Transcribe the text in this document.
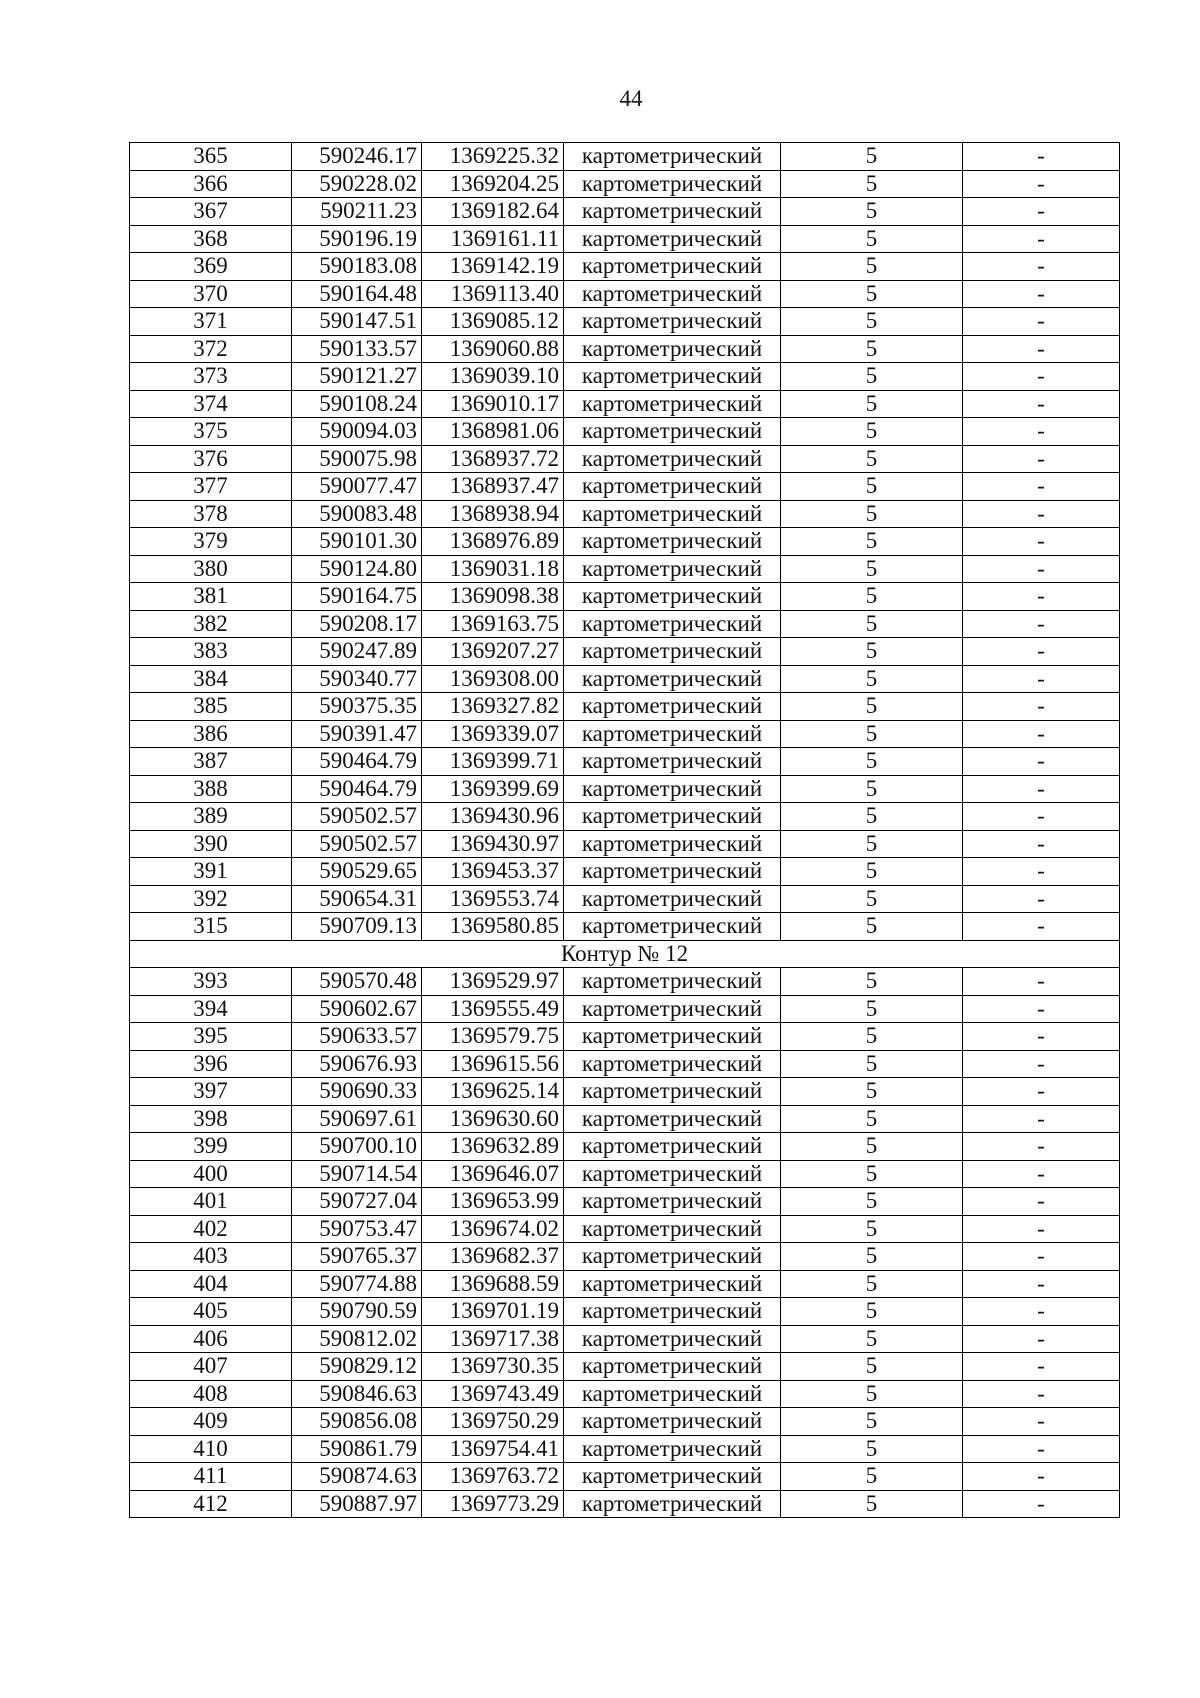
44
365	590246.17	1369225.32	картометрический	5	-
366	590228.02	1369204.25	картометрический	5	-
367	590211.23	1369182.64	картометрический	5	-
368	590196.19	1369161.11	картометрический	5	-
369	590183.08	1369142.19	картометрический	5	-
370	590164.48	1369113.40	картометрический	5	-
371	590147.51	1369085.12	картометрический	5	-
372	590133.57	1369060.88	картометрический	5	-
373	590121.27	1369039.10	картометрический	5	-
374	590108.24	1369010.17	картометрический	5	-
375	590094.03	1368981.06	картометрический	5	-
376	590075.98	1368937.72	картометрический	5	-
377	590077.47	1368937.47	картометрический	5	-
378	590083.48	1368938.94	картометрический	5	-
379	590101.30	1368976.89	картометрический	5	-
380	590124.80	1369031.18	картометрический	5	-
381	590164.75	1369098.38	картометрический	5	-
382	590208.17	1369163.75	картометрический	5	-
383	590247.89	1369207.27	картометрический	5	-
384	590340.77	1369308.00	картометрический	5	-
385	590375.35	1369327.82	картометрический	5	-
386	590391.47	1369339.07	картометрический	5	-
387	590464.79	1369399.71	картометрический	5	-
388	590464.79	1369399.69	картометрический	5	-
389	590502.57	1369430.96	картометрический	5	-
390	590502.57	1369430.97	картометрический	5	-
391	590529.65	1369453.37	картометрический	5	-
392	590654.31	1369553.74	картометрический	5	-
315	590709.13	1369580.85	картометрический	5	-
Контур № 12					
393	590570.48	1369529.97	картометрический	5	-
394	590602.67	1369555.49	картометрический	5	-
395	590633.57	1369579.75	картометрический	5	-
396	590676.93	1369615.56	картометрический	5	-
397	590690.33	1369625.14	картометрический	5	-
398	590697.61	1369630.60	картометрический	5	-
399	590700.10	1369632.89	картометрический	5	-
400	590714.54	1369646.07	картометрический	5	-
401	590727.04	1369653.99	картометрический	5	-
402	590753.47	1369674.02	картометрический	5	-
403	590765.37	1369682.37	картометрический	5	-
404	590774.88	1369688.59	картометрический	5	-
405	590790.59	1369701.19	картометрический	5	-
406	590812.02	1369717.38	картометрический	5	-
407	590829.12	1369730.35	картометрический	5	-
408	590846.63	1369743.49	картометрический	5	-
409	590856.08	1369750.29	картометрический	5	-
410	590861.79	1369754.41	картометрический	5	-
411	590874.63	1369763.72	картометрический	5	-
412	590887.97	1369773.29	картометрический	5	-
